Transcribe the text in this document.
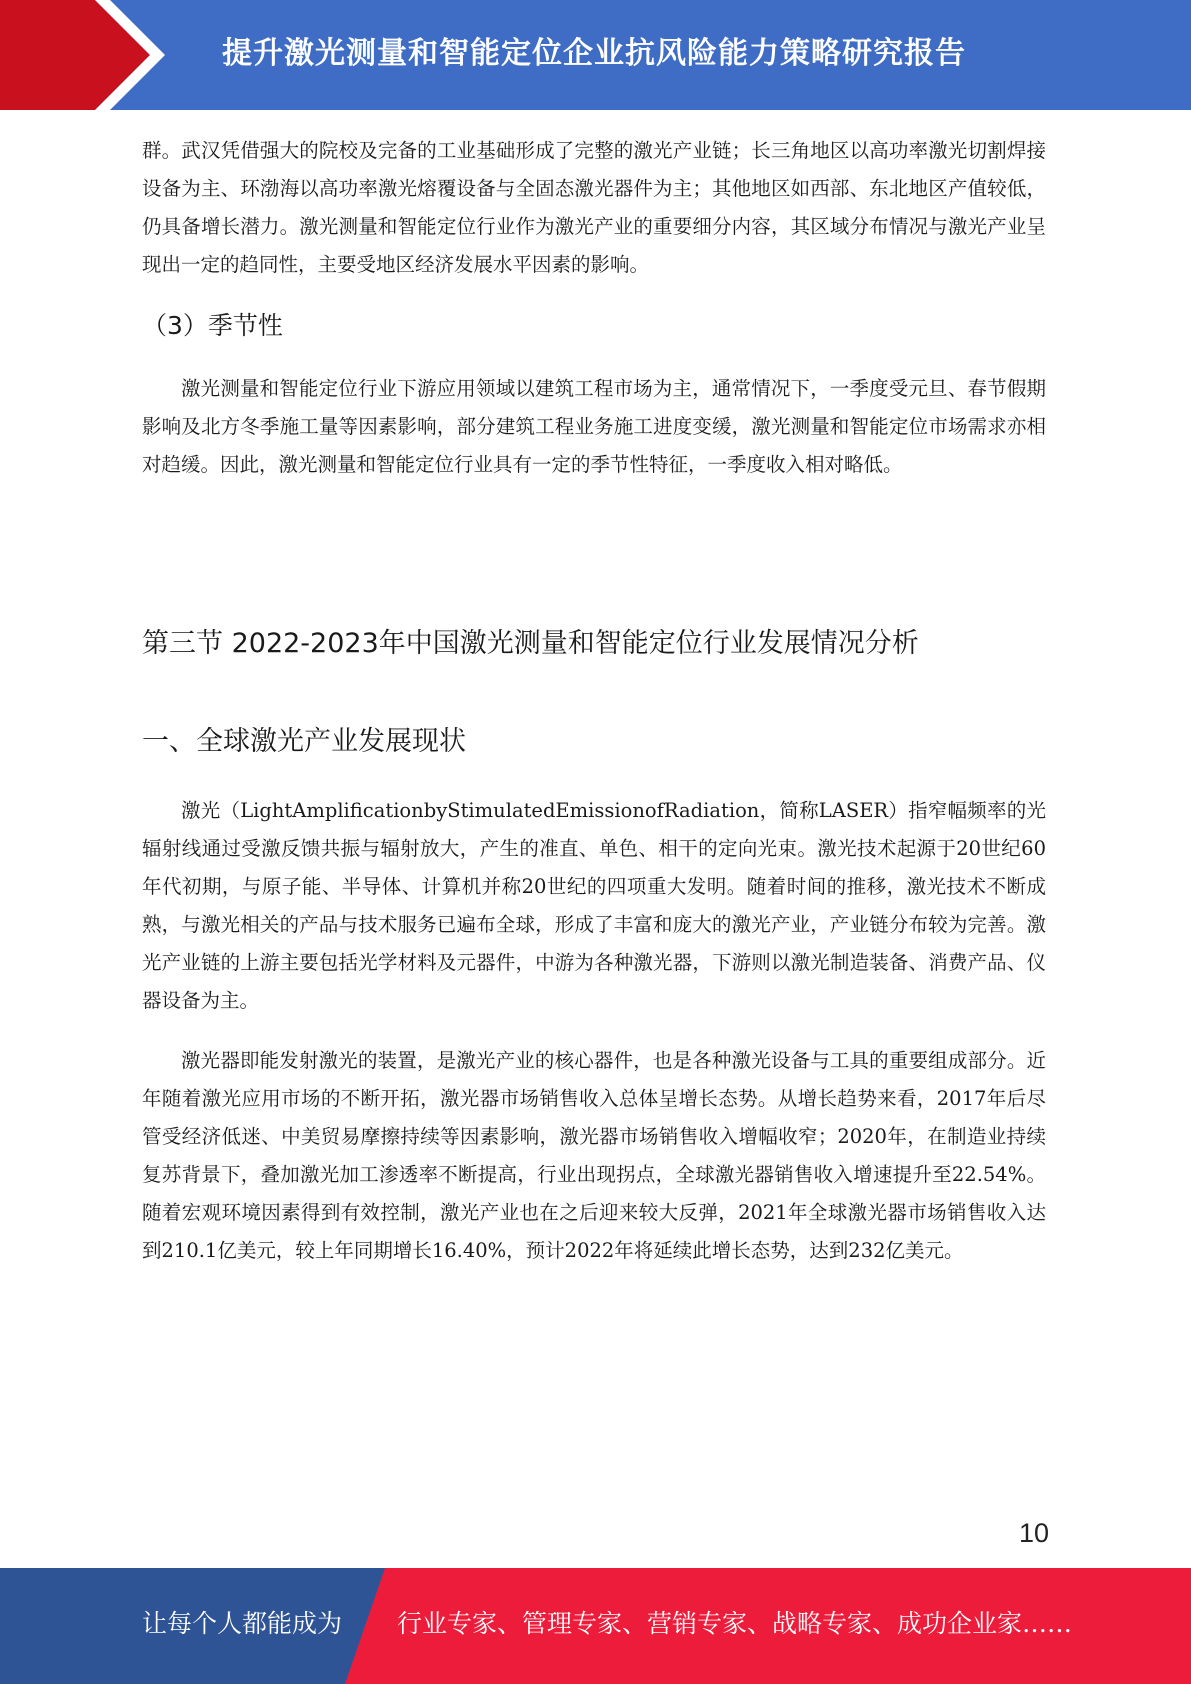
提升激光测量和智能定位企业抗风险能力策略研究报告

群。武汉凭借强大的院校及完备的工业基础形成了完整的激光产业链；长三角地区以高功率激光切割焊接设备为主、环渤海以高功率激光熔覆设备与全固态激光器件为主；其他地区如西部、东北地区产值较低，仍具备增长潜力。激光测量和智能定位行业作为激光产业的重要细分内容，其区域分布情况与激光产业呈现出一定的趋同性，主要受地区经济发展水平因素的影响。

（3）季节性

激光测量和智能定位行业下游应用领域以建筑工程市场为主，通常情况下，一季度受元旦、春节假期影响及北方冬季施工量等因素影响，部分建筑工程业务施工进度变缓，激光测量和智能定位市场需求亦相对趋缓。因此，激光测量和智能定位行业具有一定的季节性特征，一季度收入相对略低。

第三节 2022-2023年中国激光测量和智能定位行业发展情况分析
一、全球激光产业发展现状

激光（LightAmplificationbyStimulatedEmissionofRadiation，简称LASER）指窄幅频率的光辐射线通过受激反馈共振与辐射放大，产生的准直、单色、相干的定向光束。激光技术起源于20世纪60年代初期，与原子能、半导体、计算机并称20世纪的四项重大发明。随着时间的推移，激光技术不断成熟，与激光相关的产品与技术服务已遍布全球，形成了丰富和庞大的激光产业，产业链分布较为完善。激光产业链的上游主要包括光学材料及元器件，中游为各种激光器，下游则以激光制造装备、消费产品、仪器设备为主。

激光器即能发射激光的装置，是激光产业的核心器件，也是各种激光设备与工具的重要组成部分。近年随着激光应用市场的不断开拓，激光器市场销售收入总体呈增长态势。从增长趋势来看，2017年后尽管受经济低迷、中美贸易摩擦持续等因素影响，激光器市场销售收入增幅收窄；2020年，在制造业持续复苏背景下，叠加激光加工渗透率不断提高，行业出现拐点，全球激光器销售收入增速提升至22.54%。随着宏观环境因素得到有效控制，激光产业也在之后迎来较大反弹，2021年全球激光器市场销售收入达到210.1亿美元，较上年同期增长16.40%，预计2022年将延续此增长态势，达到232亿美元。

10
让每个人都能成为 行业专家、管理专家、营销专家、战略专家、成功企业家……
